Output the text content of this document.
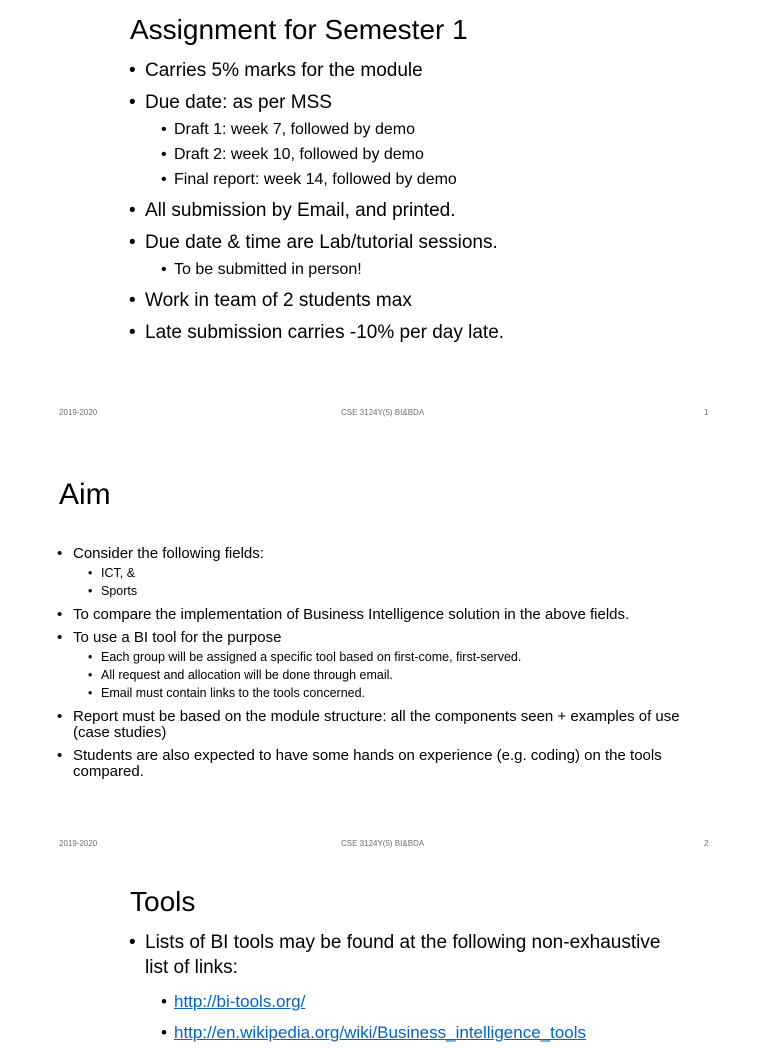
Assignment for Semester 1
• Carries 5% marks for the module
• Due date: as per MSS
• Draft 1: week 7, followed by demo
• Draft 2: week 10, followed by demo
• Final report: week 14, followed by demo
• All submission by Email, and printed.
• Due date & time are Lab/tutorial sessions.
• To be submitted in person!
• Work in team of 2 students max
• Late submission carries -10% per day late.
2019-2020	CSE 3124Y(5) BI&BDA	1
Aim
• Consider the following fields:
• ICT, &
• Sports
• To compare the implementation of Business Intelligence solution in the above fields.
• To use a BI tool for the purpose
• Each group will be assigned a specific tool based on first-come, first-served.
• All request and allocation will be done through email.
• Email must contain links to the tools concerned.
• Report must be based on the module structure: all the components seen + examples of use (case studies)
• Students are also expected to have some hands on experience (e.g. coding) on the tools compared.
2019-2020	CSE 3124Y(5) BI&BDA	2
Tools
• Lists of BI tools may be found at the following non-exhaustive list of links:
• http://bi-tools.org/
• http://en.wikipedia.org/wiki/Business_intelligence_tools
